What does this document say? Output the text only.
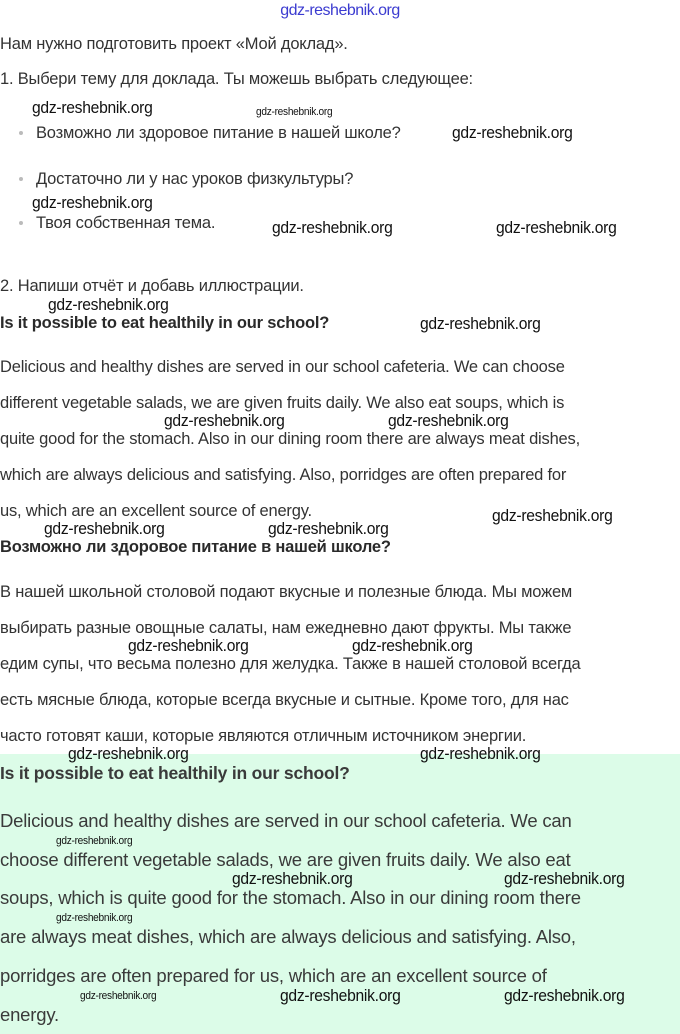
gdz-reshebnik.org
Нам нужно подготовить проект «Мой доклад».
1. Выбери тему для доклада. Ты можешь выбрать следующее:
Возможно ли здоровое питание в нашей школе?
Достаточно ли у нас уроков физкультуры?
Твоя собственная тема.
2. Напиши отчёт и добавь иллюстрации.
Is it possible to eat healthily in our school?
Delicious and healthy dishes are served in our school cafeteria. We can choose
different vegetable salads, we are given fruits daily. We also eat soups, which is
quite good for the stomach. Also in our dining room there are always meat dishes,
which are always delicious and satisfying. Also, porridges are often prepared for
us, which are an excellent source of energy.
Возможно ли здоровое питание в нашей школе?
В нашей школьной столовой подают вкусные и полезные блюда. Мы можем
выбирать разные овощные салаты, нам ежедневно дают фрукты. Мы также
едим супы, что весьма полезно для желудка. Также в нашей столовой всегда
есть мясные блюда, которые всегда вкусные и сытные. Кроме того, для нас
часто готовят каши, которые являются отличным источником энергии.
Is it possible to eat healthily in our school?
Delicious and healthy dishes are served in our school cafeteria. We can
choose different vegetable salads, we are given fruits daily. We also eat
soups, which is quite good for the stomach. Also in our dining room there
are always meat dishes, which are always delicious and satisfying. Also,
porridges are often prepared for us, which are an excellent source of
energy.
gdz-reshebnik.org	gdz-reshebnik.org
gdz-reshebnik.org
gdz-reshebnik.org
gdz-reshebnik.org	gdz-reshebnik.org
gdz-reshebnik.org
gdz-reshebnik.org
gdz-reshebnik.org	gdz-reshebnik.org
gdz-reshebnik.org	gdz-reshebnik.org
gdz-reshebnik.org
gdz-reshebnik.org	gdz-reshebnik.org
gdz-reshebnik.org	gdz-reshebnik.org
gdz-reshebnik.org
gdz-reshebnik.org	gdz-reshebnik.org
gdz-reshebnik.org
gdz-reshebnik.org	gdz-reshebnik.org	gdz-reshebnik.org
